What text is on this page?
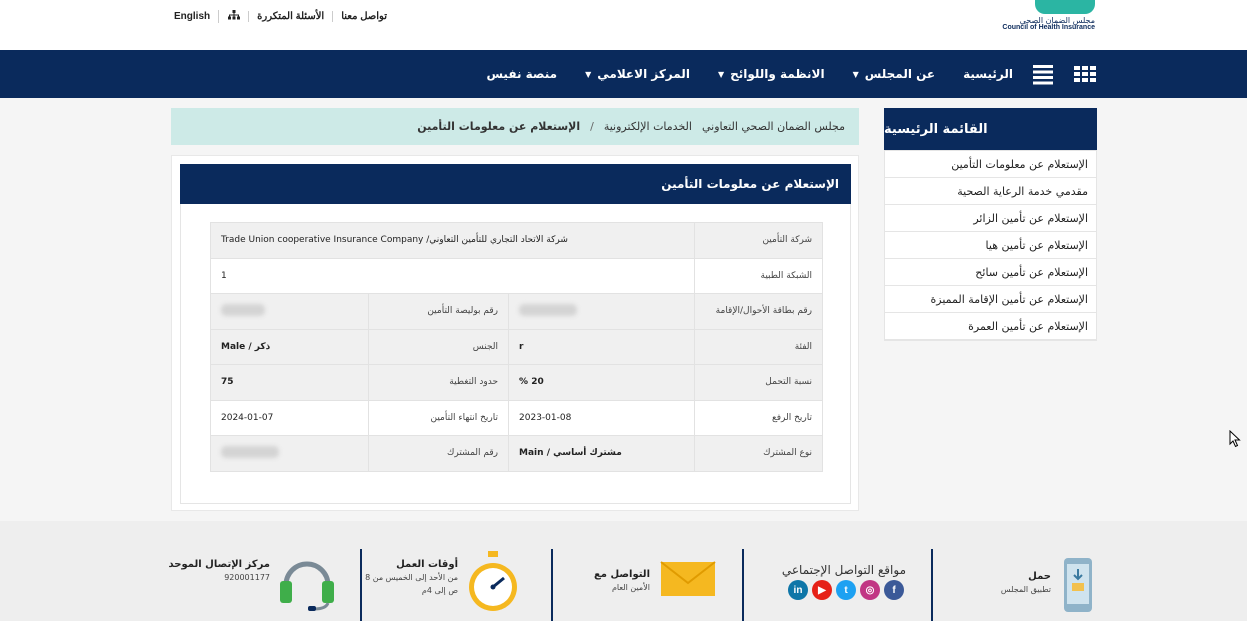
مجلس الضمان الصحي
Council of Health Insurance
English	الأسئلة المتكررة	تواصل معنا
الرئيسية
عن المجلس
▼
الانظمة واللوائح
▼
المركز الاعلامي
▼
منصة نفيس
القائمة الرئيسية
الإستعلام عن معلومات التأمين
مقدمي خدمة الرعاية الصحية
الإستعلام عن تأمين الزائر
الإستعلام عن تأمين هيا
الإستعلام عن تأمين سائح
الإستعلام عن تأمين الإقامة المميزة
الإستعلام عن تأمين العمرة
مجلس الضمان الصحي التعاوني
الخدمات الإلكترونية
/
الإستعلام عن معلومات التأمين
الإستعلام عن معلومات التأمين
شركة التأمين	شركة الاتحاد التجاري للتأمين التعاوني/ Trade Union cooperative Insurance Company		
الشبكة الطبية	1		
رقم بطاقة الأحوال/الإقامة		رقم بوليصة التأمين	
الفئة	r	الجنس	ذكر / Male
نسبة التحمل	20 %	حدود التغطية	75
تاريخ الرفع	2023-01-08	تاريخ انتهاء التأمين	2024-01-07
نوع المشترك	مشترك أساسي / Main	رقم المشترك	
حمل
تطبيق المجلس
مواقع التواصل الإجتماعي
in	▶	t	◎	f
التواصل مع
الأمين العام
أوقات العمل
من الأحد إلى الخميس من 8
ص إلى 4م
مركز الإتصال الموحد
920001177
